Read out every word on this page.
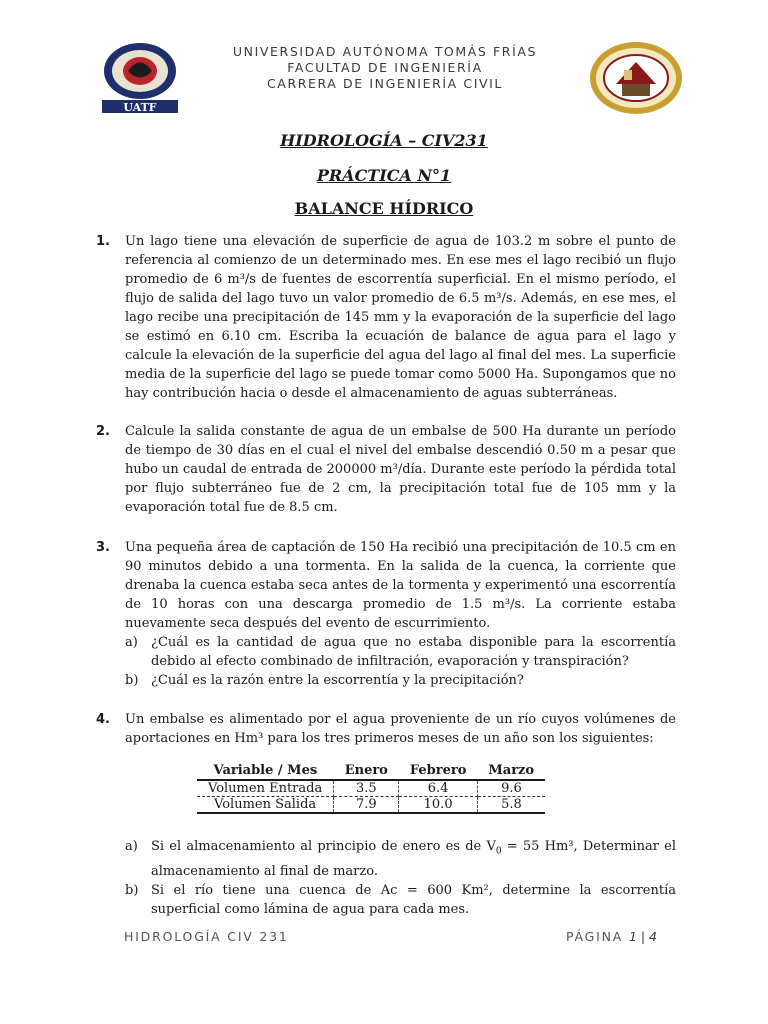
UATF
UNIVERSIDAD AUTÓNOMA TOMÁS FRÍAS
FACULTAD DE INGENIERÍA
CARRERA DE INGENIERÍA CIVIL
HIDROLOGÍA – CIV231
PRÁCTICA N°1
BALANCE HÍDRICO
1. Un lago tiene una elevación de superficie de agua de 103.2 m sobre el punto de referencia al comienzo de un determinado mes. En ese mes el lago recibió un flujo promedio de 6 m³/s de fuentes de escorrentía superficial. En el mismo período, el flujo de salida del lago tuvo un valor promedio de 6.5 m³/s. Además, en ese mes, el lago recibe una precipitación de 145 mm y la evaporación de la superficie del lago se estimó en 6.10 cm. Escriba la ecuación de balance de agua para el lago y calcule la elevación de la superficie del agua del lago al final del mes. La superficie media de la superficie del lago se puede tomar como 5000 Ha. Supongamos que no hay contribución hacia o desde el almacenamiento de aguas subterráneas.
2. Calcule la salida constante de agua de un embalse de 500 Ha durante un período de tiempo de 30 días en el cual el nivel del embalse descendió 0.50 m a pesar que hubo un caudal de entrada de 200000 m³/día. Durante este período la pérdida total por flujo subterráneo fue de 2 cm, la precipitación total fue de 105 mm y la evaporación total fue de 8.5 cm.
3. Una pequeña área de captación de 150 Ha recibió una precipitación de 10.5 cm en 90 minutos debido a una tormenta. En la salida de la cuenca, la corriente que drenaba la cuenca estaba seca antes de la tormenta y experimentó una escorrentía de 10 horas con una descarga promedio de 1.5 m³/s. La corriente estaba nuevamente seca después del evento de escurrimiento.
a) ¿Cuál es la cantidad de agua que no estaba disponible para la escorrentía debido al efecto combinado de infiltración, evaporación y transpiración?
b) ¿Cuál es la razón entre la escorrentía y la precipitación?
4. Un embalse es alimentado por el agua proveniente de un río cuyos volúmenes de aportaciones en Hm³ para los tres primeros meses de un año son los siguientes:
Variable / Mes	Enero	Febrero	Marzo
Volumen Entrada	3.5	6.4	9.6
Volumen Salida	7.9	10.0	5.8
a) Si el almacenamiento al principio de enero es de $V_0 = 55$ Hm³, Determinar el almacenamiento al final de marzo.
b) Si el río tiene una cuenca de Ac = 600 Km², determine la escorrentía superficial como lámina de agua para cada mes.
HIDROLOGÍA CIV 231	PÁGINA 1 | 4
